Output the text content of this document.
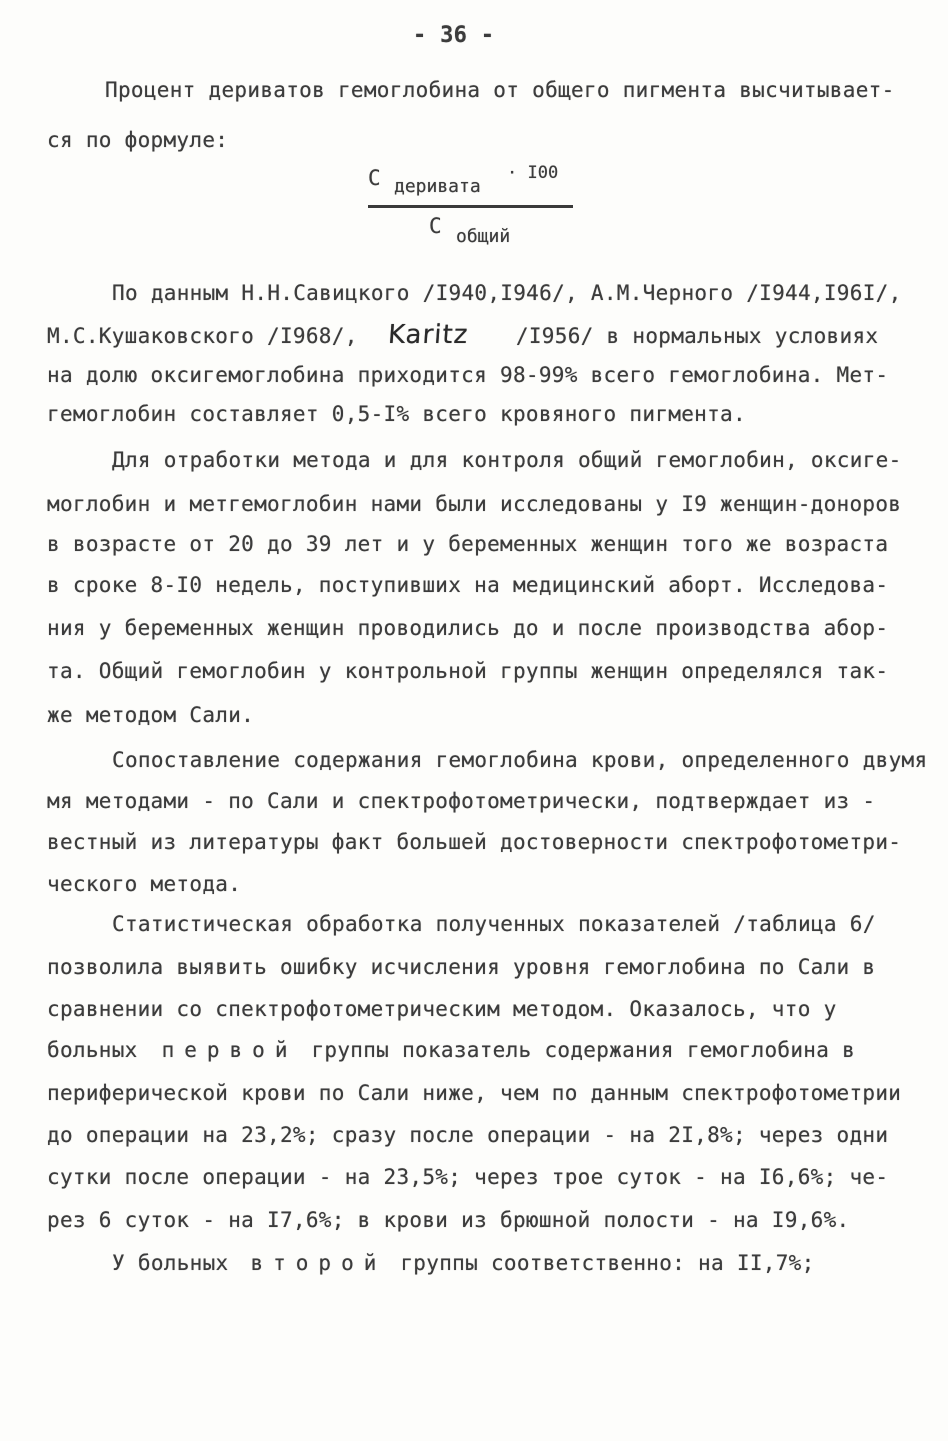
- 36 -
Процент дериватов гемоглобина от общего пигмента высчитывает-
ся по формуле:
C деривата
· I00
C общий
По данным Н.Н.Савицкого /I940,I946/, А.М.Черного /I944,I96I/,
М.С.Кушаковского /I968/, Karitz /I956/ в нормальных условиях
на долю оксигемоглобина приходится 98-99% всего гемоглобина. Мет-
гемоглобин составляет 0,5-I% всего кровяного пигмента.
Для отработки метода и для контроля общий гемоглобин, оксиге-
моглобин и метгемоглобин нами были исследованы у I9 женщин-доноров
в возрасте от 20 до 39 лет и у беременных женщин того же возраста
в сроке 8-I0 недель, поступивших на медицинский аборт. Исследова-
ния у беременных женщин проводились до и после производства абор-
та. Общий гемоглобин у контрольной группы женщин определялся так-
же методом Сали.
Сопоставление содержания гемоглобина крови, определенного двумя
мя методами - по Сали и спектрофотометрически, подтверждает из -
вестный из литературы факт большей достоверности спектрофотометри-
ческого метода.
Статистическая обработка полученных показателей /таблица 6/
позволила выявить ошибку исчисления уровня гемоглобина по Сали в
сравнении со спектрофотометрическим методом. Оказалось, что у
больных первой группы показатель содержания гемоглобина в
периферической крови по Сали ниже, чем по данным спектрофотометрии
до операции на 23,2%; сразу после операции - на 2I,8%; через одни
сутки после операции - на 23,5%; через трое суток - на I6,6%; че-
рез 6 суток - на I7,6%; в крови из брюшной полости - на I9,6%.
У больных второй группы соответственно: на II,7%;
